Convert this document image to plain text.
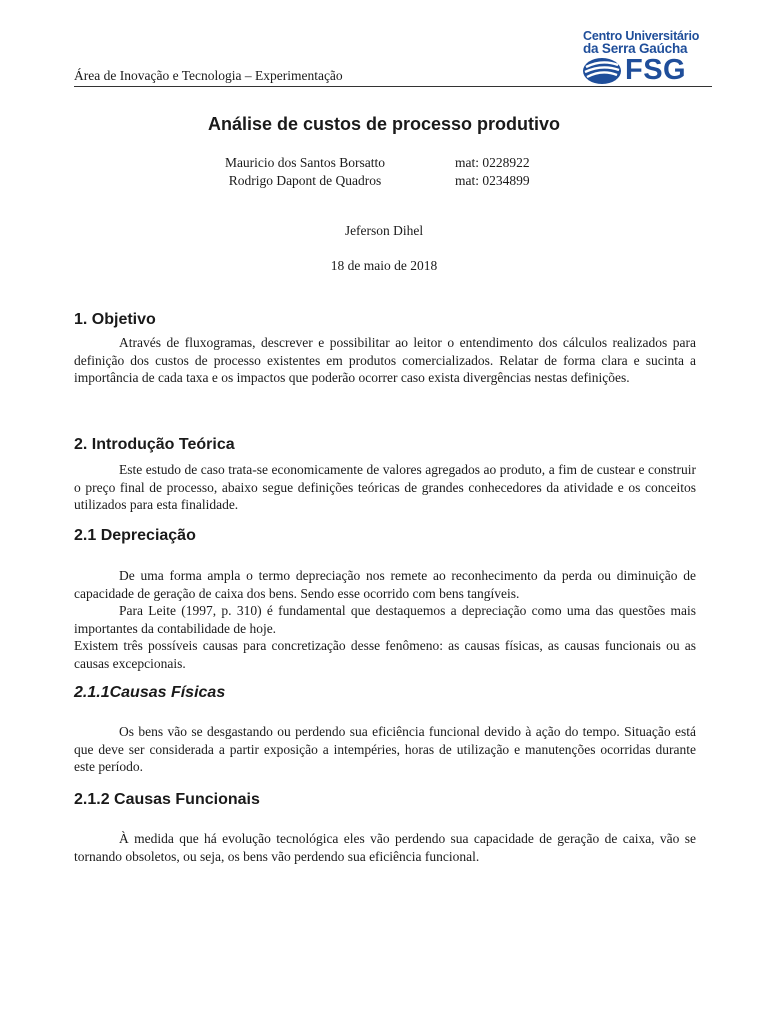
Área de Inovação e Tecnologia – Experimentação
Centro Universitário
da Serra Gaúcha
FSG
Análise de custos de processo produtivo
Mauricio dos Santos Borsatto	mat: 0228922
Rodrigo Dapont de Quadros	mat: 0234899
Jeferson Dihel
18 de maio de 2018
1. Objetivo

Através de fluxogramas, descrever e possibilitar ao leitor o entendimento dos cálculos realizados para definição dos custos de processo existentes em produtos comercializados. Relatar de forma clara e sucinta a importância de cada taxa e os impactos que poderão ocorrer caso exista divergências nestas definições.

2. Introdução Teórica

Este estudo de caso trata-se economicamente de valores agregados ao produto, a fim de custear e construir o preço final de processo, abaixo segue definições teóricas de grandes conhecedores da atividade e os conceitos utilizados para esta finalidade.

2.1 Depreciação

De uma forma ampla o termo depreciação nos remete ao reconhecimento da perda ou diminuição de capacidade de geração de caixa dos bens. Sendo esse ocorrido com bens tangíveis.

Para Leite (1997, p. 310) é fundamental que destaquemos a depreciação como uma das questões mais importantes da contabilidade de hoje.

Existem três possíveis causas para concretização desse fenômeno: as causas físicas, as causas funcionais ou as causas excepcionais.

2.1.1Causas Físicas

Os bens vão se desgastando ou perdendo sua eficiência funcional devido à ação do tempo. Situação está que deve ser considerada a partir exposição a intempéries, horas de utilização e manutenções ocorridas durante este período.

2.1.2 Causas Funcionais

À medida que há evolução tecnológica eles vão perdendo sua capacidade de geração de caixa, vão se tornando obsoletos, ou seja, os bens vão perdendo sua eficiência funcional.
